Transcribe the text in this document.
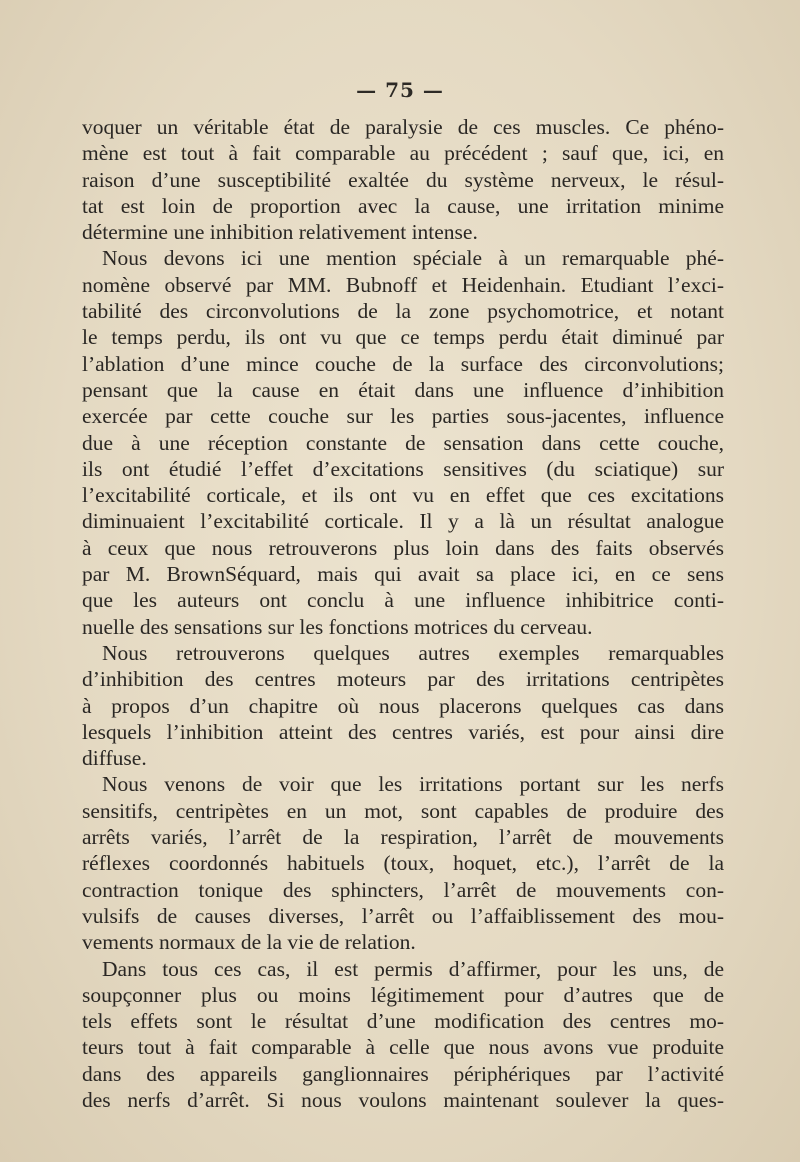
— 75 —
voquer un véritable état de paralysie de ces muscles. Ce phéno-
mène est tout à fait comparable au précédent ; sauf que, ici, en
raison d’une susceptibilité exaltée du système nerveux, le résul-
tat est loin de proportion avec la cause, une irritation minime
détermine une inhibition relativement intense.
Nous devons ici une mention spéciale à un remarquable phé-
nomène observé par MM. Bubnoff et Heidenhain. Etudiant l’exci-
tabilité des circonvolutions de la zone psychomotrice, et notant
le temps perdu, ils ont vu que ce temps perdu était diminué par
l’ablation d’une mince couche de la surface des circonvolutions;
pensant que la cause en était dans une influence d’inhibition
exercée par cette couche sur les parties sous-jacentes, influence
due à une réception constante de sensation dans cette couche,
ils ont étudié l’effet d’excitations sensitives (du sciatique) sur
l’excitabilité corticale, et ils ont vu en effet que ces excitations
diminuaient l’excitabilité corticale. Il y a là un résultat analogue
à ceux que nous retrouverons plus loin dans des faits observés
par M. BrownSéquard, mais qui avait sa place ici, en ce sens
que les auteurs ont conclu à une influence inhibitrice conti-
nuelle des sensations sur les fonctions motrices du cerveau.
Nous retrouverons quelques autres exemples remarquables
d’inhibition des centres moteurs par des irritations centripètes
à propos d’un chapitre où nous placerons quelques cas dans
lesquels l’inhibition atteint des centres variés, est pour ainsi dire
diffuse.
Nous venons de voir que les irritations portant sur les nerfs
sensitifs, centripètes en un mot, sont capables de produire des
arrêts variés, l’arrêt de la respiration, l’arrêt de mouvements
réflexes coordonnés habituels (toux, hoquet, etc.), l’arrêt de la
contraction tonique des sphincters, l’arrêt de mouvements con-
vulsifs de causes diverses, l’arrêt ou l’affaiblissement des mou-
vements normaux de la vie de relation.
Dans tous ces cas, il est permis d’affirmer, pour les uns, de
soupçonner plus ou moins légitimement pour d’autres que de
tels effets sont le résultat d’une modification des centres mo-
teurs tout à fait comparable à celle que nous avons vue produite
dans des appareils ganglionnaires périphériques par l’activité
des nerfs d’arrêt. Si nous voulons maintenant soulever la ques-
